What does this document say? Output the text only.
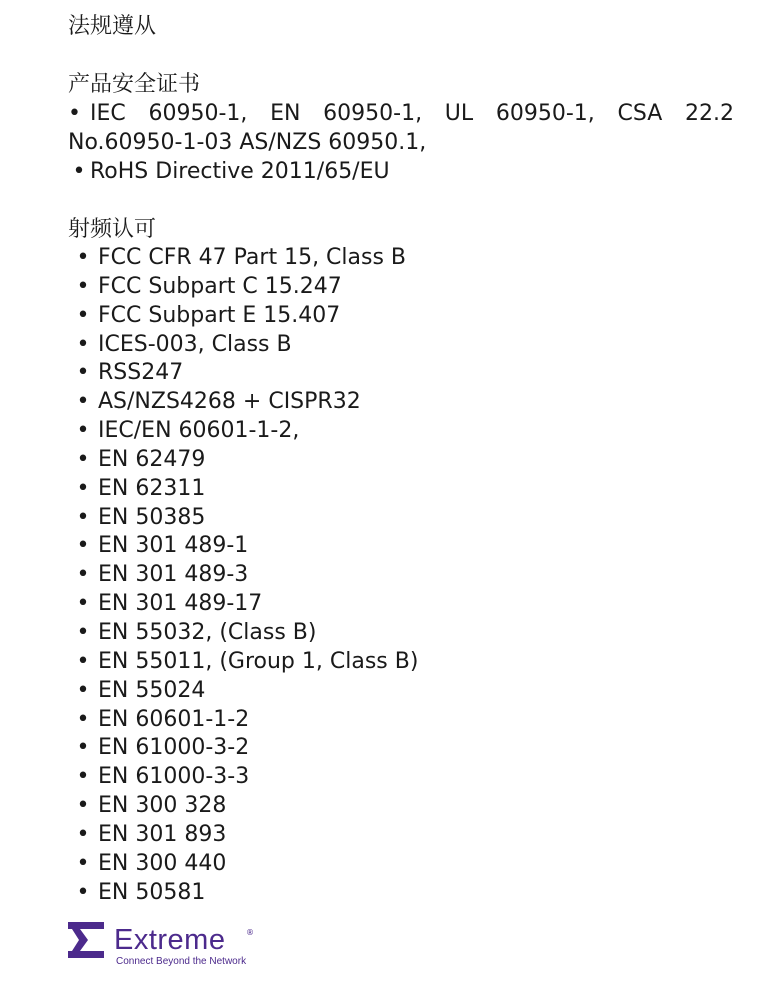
法规遵从
产品安全证书
• IEC 60950-1, EN 60950-1, UL 60950-1, CSA 22.2 No.60950-1-03 AS/NZS 60950.1,
• RoHS Directive 2011/65/EU
射频认可
• FCC CFR 47 Part 15, Class B
• FCC Subpart C 15.247
• FCC Subpart E 15.407
• ICES-003, Class B
• RSS247
• AS/NZS4268 + CISPR32
• IEC/EN 60601-1-2,
• EN 62479
• EN 62311
• EN 50385
• EN 301 489-1
• EN 301 489-3
• EN 301 489-17
• EN 55032, (Class B)
• EN 55011, (Group 1, Class B)
• EN 55024
• EN 60601-1-2
• EN 61000-3-2
• EN 61000-3-3
• EN 300 328
• EN 301 893
• EN 300 440
• EN 50581
Extreme	®
Connect Beyond the Network
